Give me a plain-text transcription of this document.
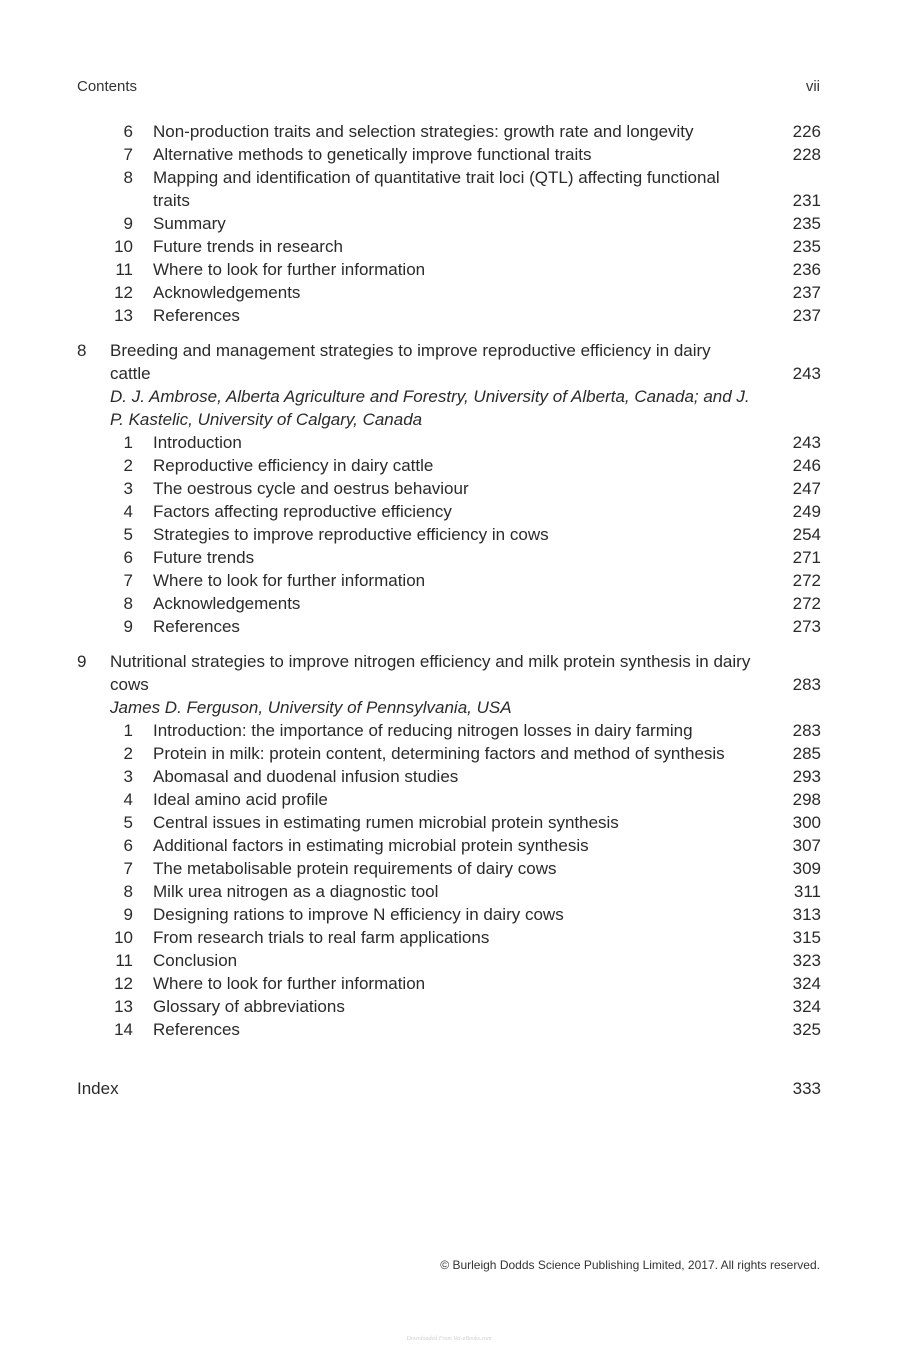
Contents	vii
6 Non-production traits and selection strategies: growth rate and longevity	226
7 Alternative methods to genetically improve functional traits	228
8 Mapping and identification of quantitative trait loci (QTL) affecting functional traits	231
9 Summary	235
10 Future trends in research	235
11 Where to look for further information	236
12 Acknowledgements	237
13 References	237
8	Breeding and management strategies to improve reproductive efficiency in dairy cattle	243
D. J. Ambrose, Alberta Agriculture and Forestry, University of Alberta, Canada; and J. P. Kastelic, University of Calgary, Canada
1 Introduction	243
2 Reproductive efficiency in dairy cattle	246
3 The oestrous cycle and oestrus behaviour	247
4 Factors affecting reproductive efficiency	249
5 Strategies to improve reproductive efficiency in cows	254
6 Future trends	271
7 Where to look for further information	272
8 Acknowledgements	272
9 References	273
9	Nutritional strategies to improve nitrogen efficiency and milk protein synthesis in dairy cows	283
James D. Ferguson, University of Pennsylvania, USA
1 Introduction: the importance of reducing nitrogen losses in dairy farming	283
2 Protein in milk: protein content, determining factors and method of synthesis	285
3 Abomasal and duodenal infusion studies	293
4 Ideal amino acid profile	298
5 Central issues in estimating rumen microbial protein synthesis	300
6 Additional factors in estimating microbial protein synthesis	307
7 The metabolisable protein requirements of dairy cows	309
8 Milk urea nitrogen as a diagnostic tool	311
9 Designing rations to improve N efficiency in dairy cows	313
10 From research trials to real farm applications	315
11 Conclusion	323
12 Where to look for further information	324
13 Glossary of abbreviations	324
14 References	325
Index	333
© Burleigh Dodds Science Publishing Limited, 2017. All rights reserved.
Downloaded From Vet-eBooks.com
